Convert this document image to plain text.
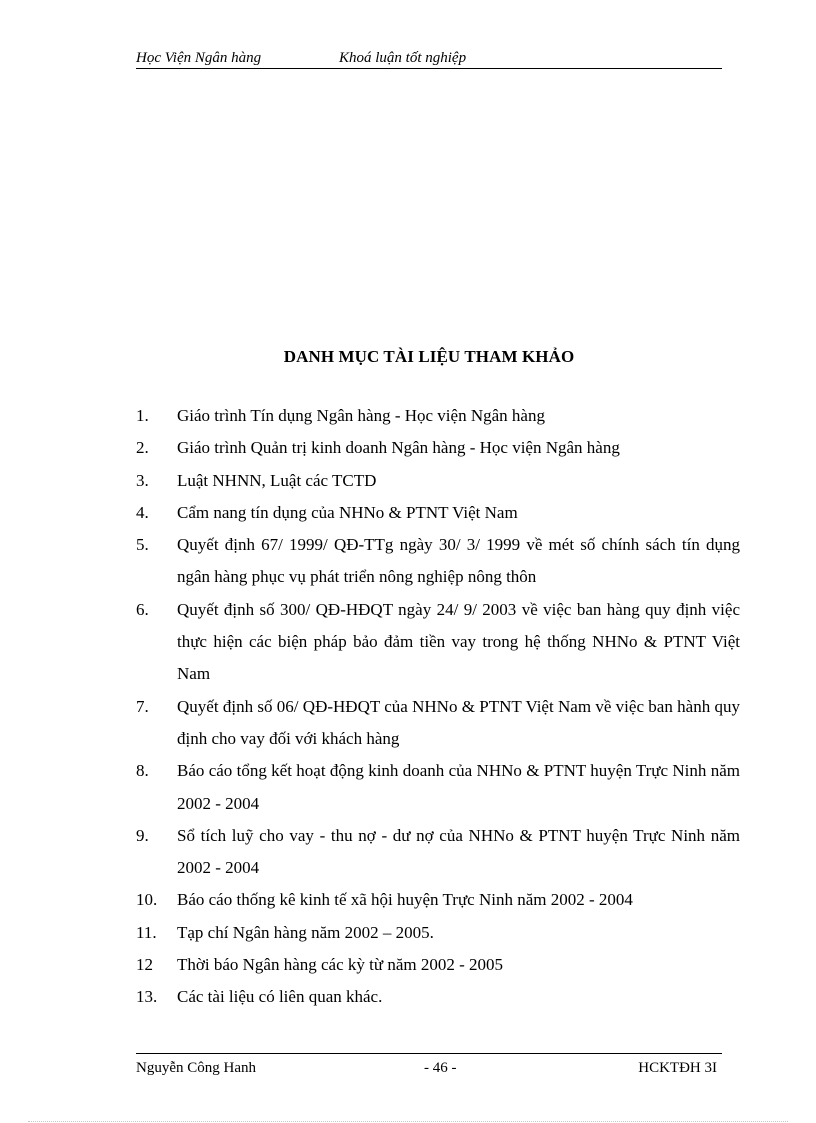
Học Viện Ngân hàng	Khoá luận tốt nghiệp
DANH MỤC TÀI LIỆU THAM KHẢO
1. Giáo trình Tín dụng Ngân hàng - Học viện Ngân hàng
2. Giáo trình Quản trị kinh doanh Ngân hàng - Học viện Ngân hàng
3. Luật NHNN, Luật các TCTD
4. Cẩm nang tín dụng của NHNo & PTNT Việt Nam
5. Quyết định 67/ 1999/ QĐ-TTg ngày 30/ 3/ 1999 về mét số chính sách tín dụng ngân hàng phục vụ phát triển nông nghiệp nông thôn
6. Quyết định số 300/ QĐ-HĐQT ngày 24/ 9/ 2003 về việc ban hàng quy định việc thực hiện các biện pháp bảo đảm tiền vay trong hệ thống NHNo & PTNT Việt Nam
7. Quyết định số 06/ QĐ-HĐQT của NHNo & PTNT Việt Nam về việc ban hành quy định cho vay đối với khách hàng
8. Báo cáo tổng kết hoạt động kinh doanh của NHNo & PTNT huyện Trực Ninh năm 2002 - 2004
9. Sổ tích luỹ cho vay - thu nợ - dư nợ của NHNo & PTNT huyện Trực Ninh năm 2002 - 2004
10. Báo cáo thống kê kinh tế xã hội huyện Trực Ninh năm 2002 - 2004
11. Tạp chí Ngân hàng năm 2002 – 2005.
12 Thời báo Ngân hàng các kỳ từ năm 2002 - 2005
13. Các tài liệu có liên quan khác.
Nguyễn Công Hanh	- 46 -	HCKTĐH 3I
